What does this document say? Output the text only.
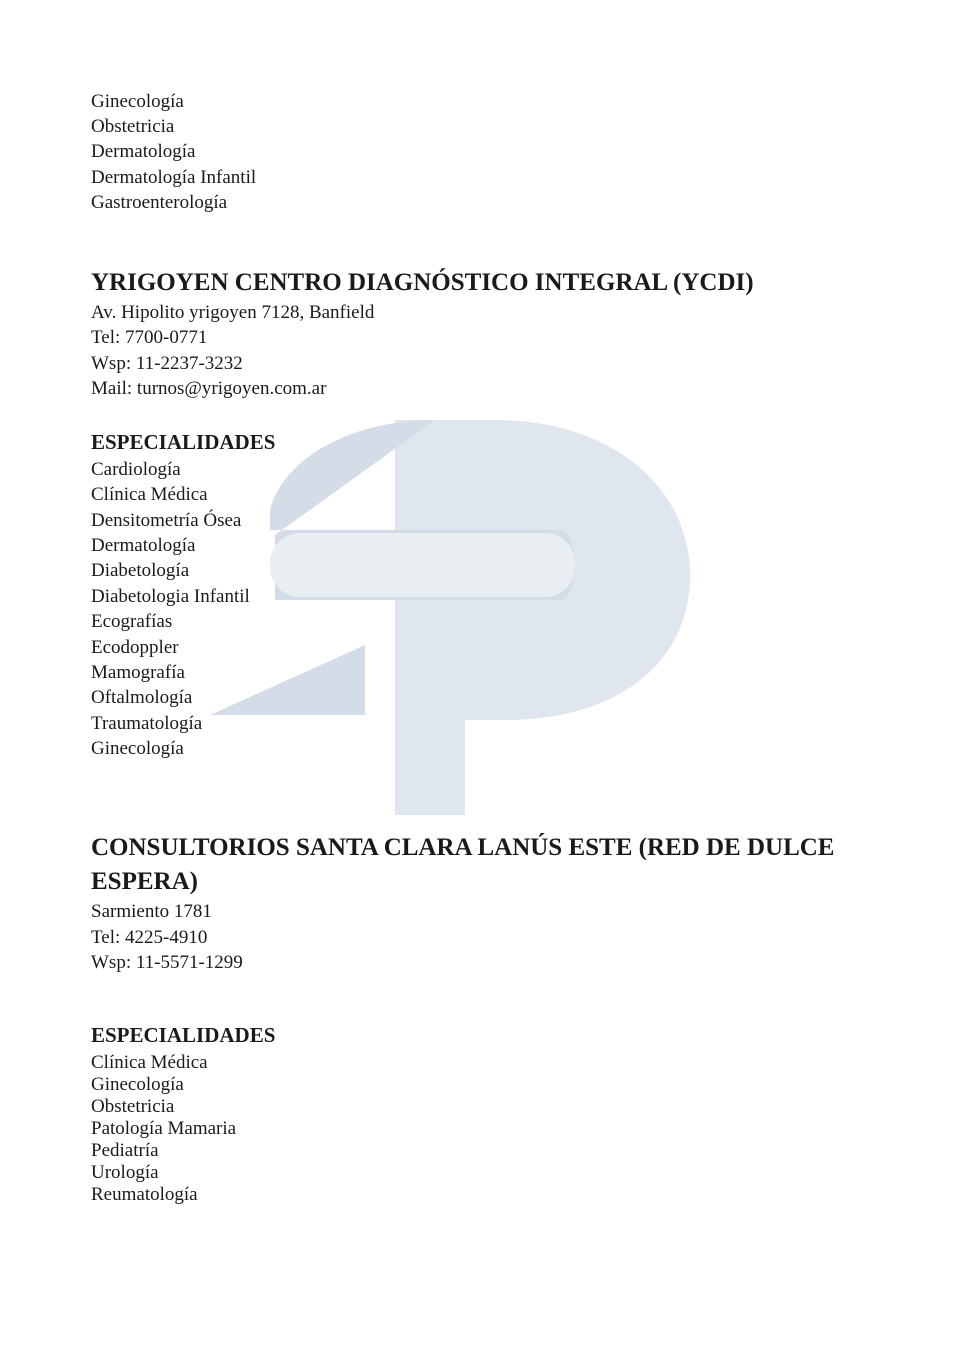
Ginecología
Obstetricia
Dermatología
Dermatología Infantil
Gastroenterología
YRIGOYEN CENTRO DIAGNÓSTICO INTEGRAL (YCDI)
Av. Hipolito yrigoyen 7128, Banfield
Tel: 7700-0771
Wsp: 11-2237-3232
Mail: turnos@yrigoyen.com.ar
ESPECIALIDADES
Cardiología
Clínica Médica
Densitometría Ósea
Dermatología
Diabetología
Diabetologia Infantil
Ecografías
Ecodoppler
Mamografía
Oftalmología
Traumatología
Ginecología
CONSULTORIOS SANTA CLARA LANÚS ESTE (RED DE DULCE
ESPERA)
Sarmiento 1781
Tel: 4225-4910
Wsp: 11-5571-1299
ESPECIALIDADES
Clínica Médica
Ginecología
Obstetricia
Patología Mamaria
Pediatría
Urología
Reumatología
